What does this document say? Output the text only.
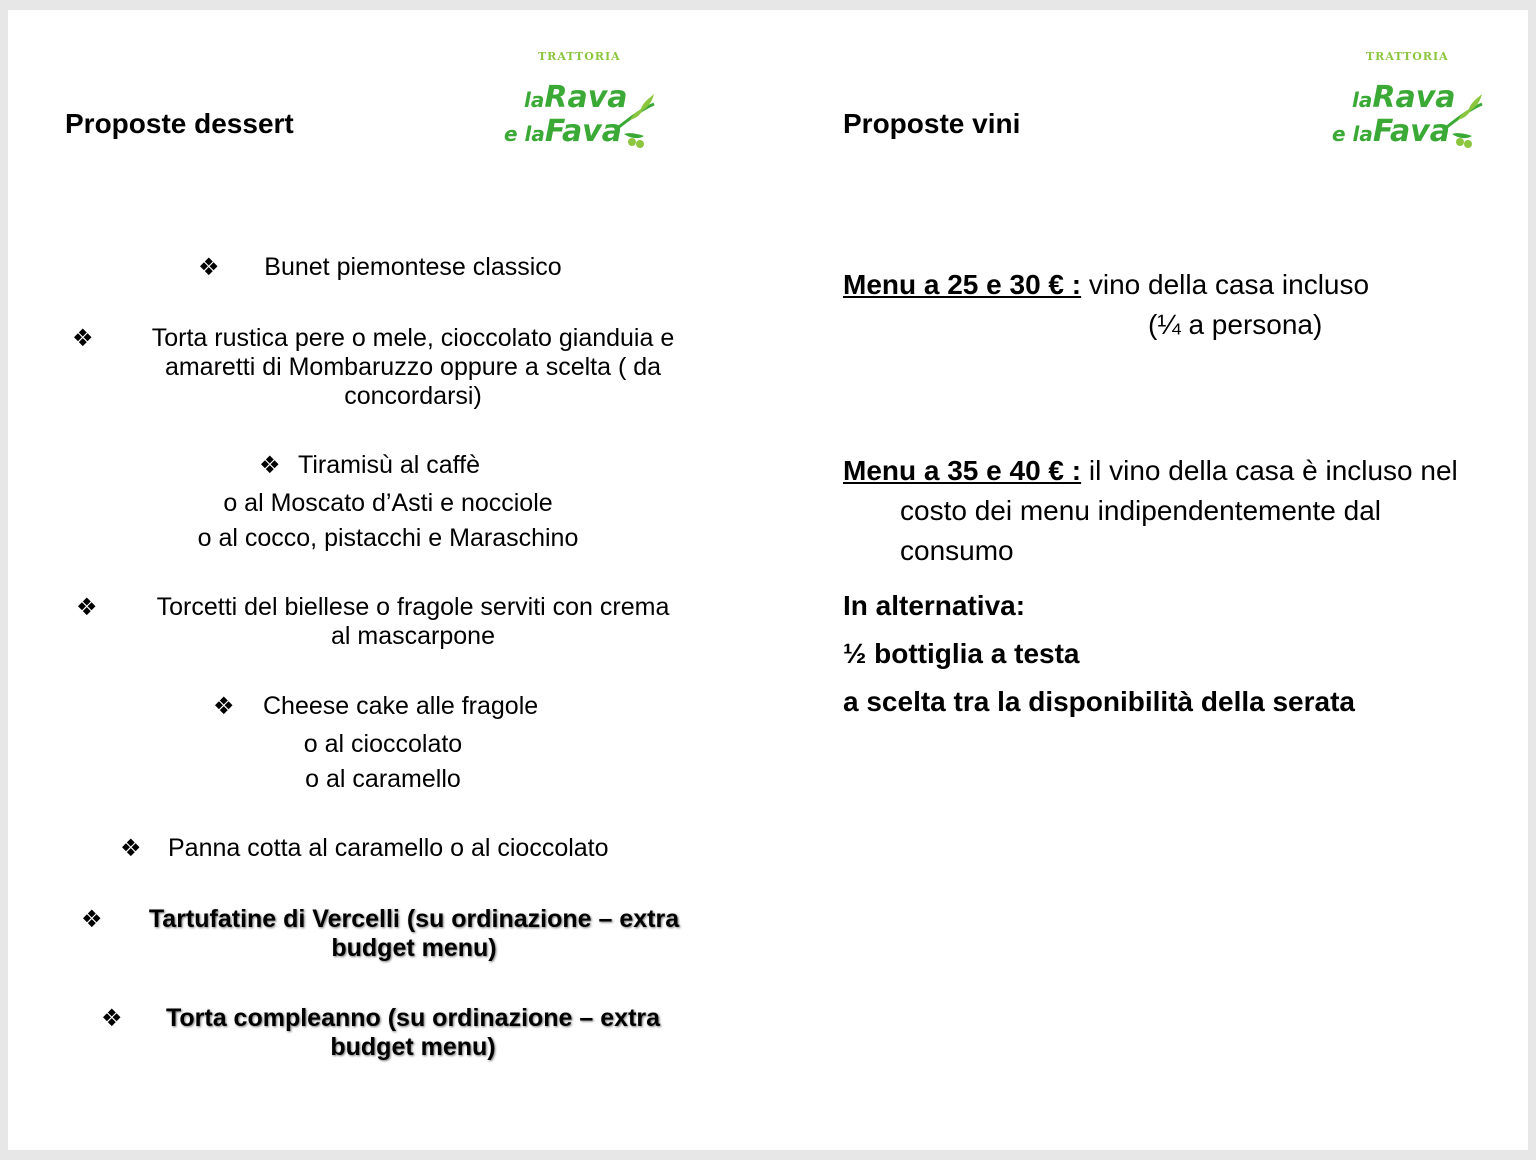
Proposte dessert
TRATTORIA
laRava
e laFava
❖	Bunet piemontese classico
❖	Torta rustica pere o mele, cioccolato gianduia e
amaretti di Mombaruzzo oppure a scelta ( da
concordarsi)
❖ Tiramisù al caffè
o al Moscato d’Asti e nocciole
o al cocco, pistacchi e Maraschino
❖	Torcetti del biellese o fragole serviti con crema
al mascarpone
❖ Cheese cake alle fragole
o al cioccolato
o al caramello
❖ Panna cotta al caramello o al cioccolato
❖	Tartufatine di Vercelli (su ordinazione – extra
budget menu)
❖	Torta compleanno (su ordinazione – extra
budget menu)
Proposte vini
TRATTORIA
laRava
e laFava
Menu a 25 e 30 € : vino della casa incluso
(¼ a persona)
Menu a 35 e 40 € : il vino della casa è incluso nel
costo dei menu indipendentemente dal
consumo
In alternativa:
½ bottiglia a testa
a scelta tra la disponibilità della serata
